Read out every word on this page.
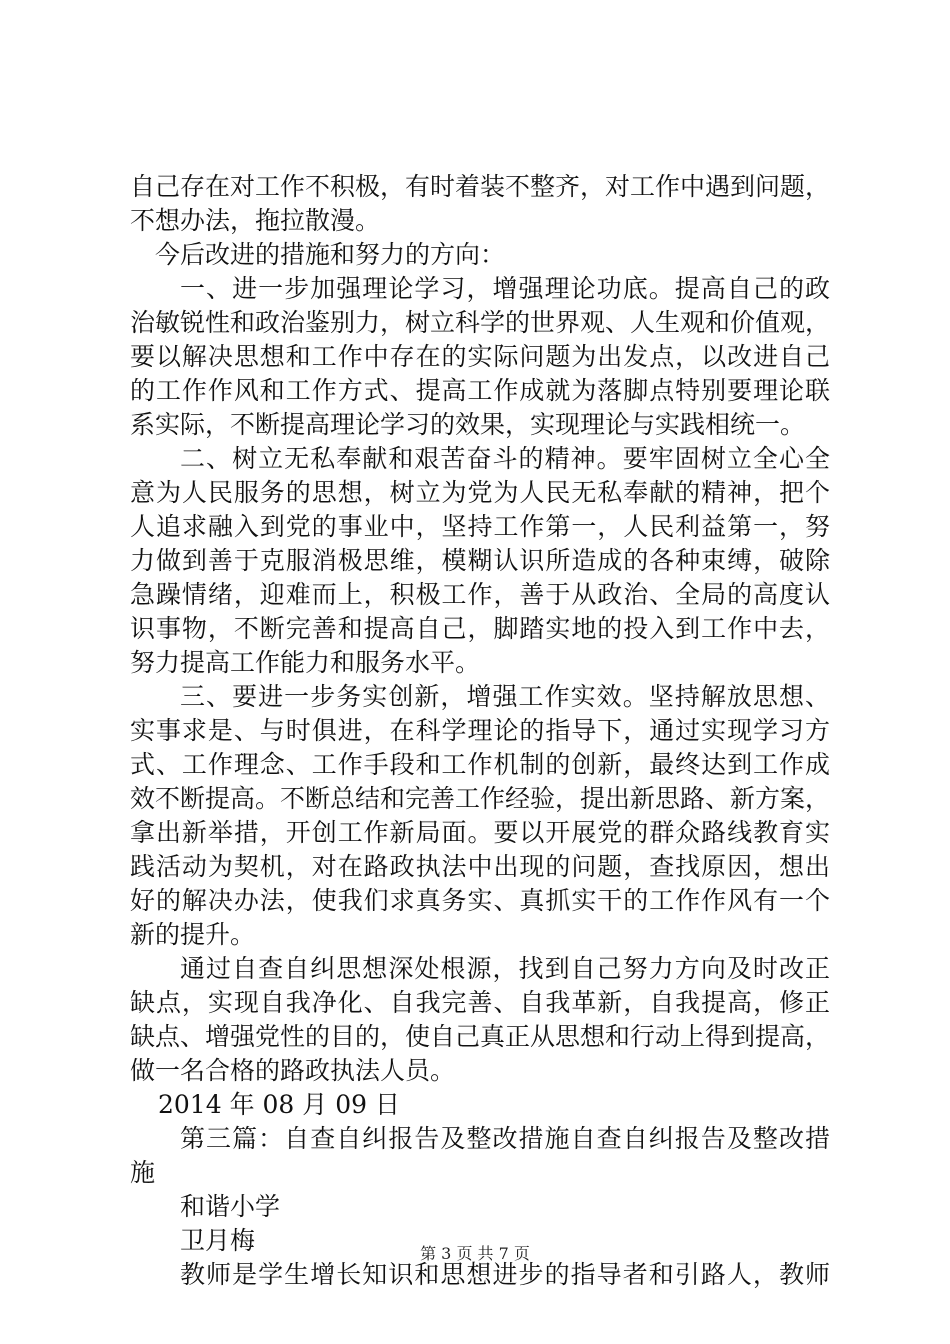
自己存在对工作不积极，有时着装不整齐，对工作中遇到问题，
不想办法，拖拉散漫。
今后改进的措施和努力的方向：
一、进一步加强理论学习，增强理论功底。提高自己的政
治敏锐性和政治鉴别力，树立科学的世界观、人生观和价值观，
要以解决思想和工作中存在的实际问题为出发点，以改进自己
的工作作风和工作方式、提高工作成就为落脚点特别要理论联
系实际，不断提高理论学习的效果，实现理论与实践相统一。
二、树立无私奉献和艰苦奋斗的精神。要牢固树立全心全
意为人民服务的思想，树立为党为人民无私奉献的精神，把个
人追求融入到党的事业中，坚持工作第一，人民利益第一，努
力做到善于克服消极思维，模糊认识所造成的各种束缚，破除
急躁情绪，迎难而上，积极工作，善于从政治、全局的高度认
识事物，不断完善和提高自己，脚踏实地的投入到工作中去，
努力提高工作能力和服务水平。
三、要进一步务实创新，增强工作实效。坚持解放思想、
实事求是、与时俱进，在科学理论的指导下，通过实现学习方
式、工作理念、工作手段和工作机制的创新，最终达到工作成
效不断提高。不断总结和完善工作经验，提出新思路、新方案，
拿出新举措，开创工作新局面。要以开展党的群众路线教育实
践活动为契机，对在路政执法中出现的问题，查找原因，想出
好的解决办法，使我们求真务实、真抓实干的工作作风有一个
新的提升。
通过自查自纠思想深处根源，找到自己努力方向及时改正
缺点，实现自我净化、自我完善、自我革新，自我提高，修正
缺点、增强党性的目的，使自己真正从思想和行动上得到提高，
做一名合格的路政执法人员。
2014 年 08 月 09 日
第三篇：自查自纠报告及整改措施自查自纠报告及整改措
施
和谐小学
卫月梅
教师是学生增长知识和思想进步的指导者和引路人，教师
第 3 页 共 7 页
